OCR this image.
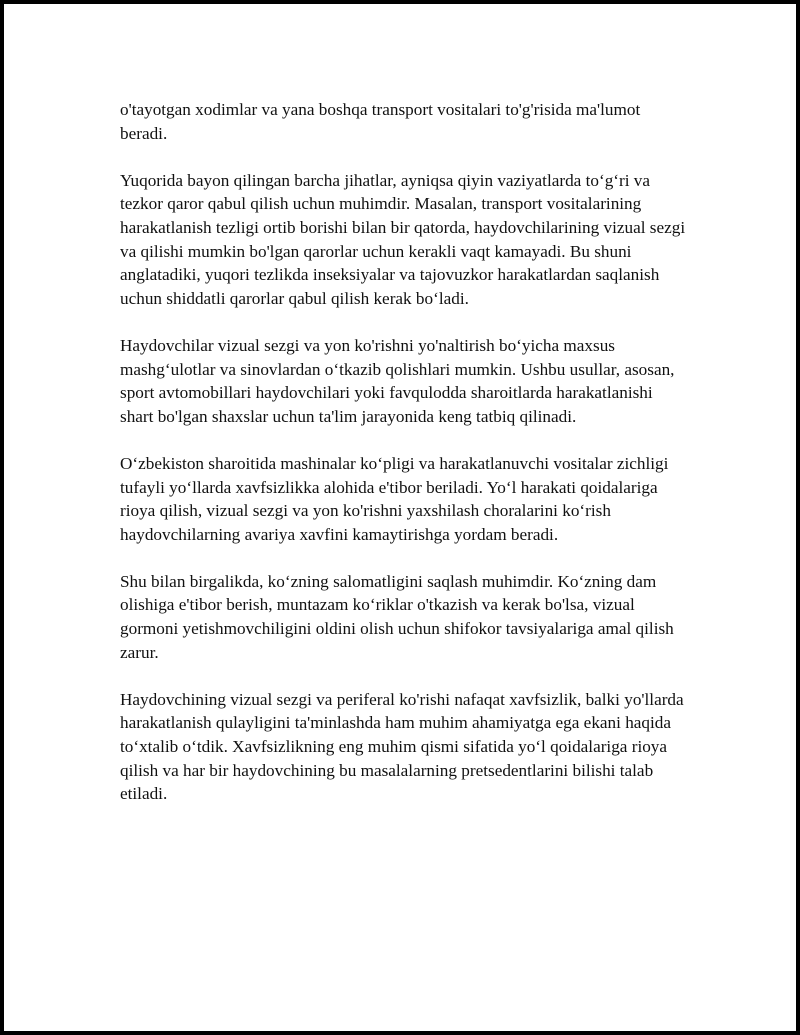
o'tayotgan xodimlar va yana boshqa transport vositalari to'g'risida ma'lumot beradi.

Yuqorida bayon qilingan barcha jihatlar, ayniqsa qiyin vaziyatlarda to‘g‘ri va tezkor qaror qabul qilish uchun muhimdir. Masalan, transport vositalarining harakatlanish tezligi ortib borishi bilan bir qatorda, haydovchilarining vizual sezgi va qilishi mumkin bo'lgan qarorlar uchun kerakli vaqt kamayadi. Bu shuni anglatadiki, yuqori tezlikda inseksiyalar va tajovuzkor harakatlardan saqlanish uchun shiddatli qarorlar qabul qilish kerak bo‘ladi.

Haydovchilar vizual sezgi va yon ko'rishni yo'naltirish bo‘yicha maxsus mashg‘ulotlar va sinovlardan o‘tkazib qolishlari mumkin. Ushbu usullar, asosan, sport avtomobillari haydovchilari yoki favqulodda sharoitlarda harakatlanishi shart bo'lgan shaxslar uchun ta'lim jarayonida keng tatbiq qilinadi.

O‘zbekiston sharoitida mashinalar ko‘pligi va harakatlanuvchi vositalar zichligi tufayli yo‘llarda xavfsizlikka alohida e'tibor beriladi. Yo‘l harakati qoidalariga rioya qilish, vizual sezgi va yon ko'rishni yaxshilash choralarini ko‘rish haydovchilarning avariya xavfini kamaytirishga yordam beradi.

Shu bilan birgalikda, ko‘zning salomatligini saqlash muhimdir. Ko‘zning dam olishiga e'tibor berish, muntazam ko‘riklar o'tkazish va kerak bo'lsa, vizual gormoni yetishmovchiligini oldini olish uchun shifokor tavsiyalariga amal qilish zarur.

Haydovchining vizual sezgi va periferal ko'rishi nafaqat xavfsizlik, balki yo'llarda harakatlanish qulayligini ta'minlashda ham muhim ahamiyatga ega ekani haqida to‘xtalib o‘tdik. Xavfsizlikning eng muhim qismi sifatida yo‘l qoidalariga rioya qilish va har bir haydovchining bu masalalarning pretsedentlarini bilishi talab etiladi.
